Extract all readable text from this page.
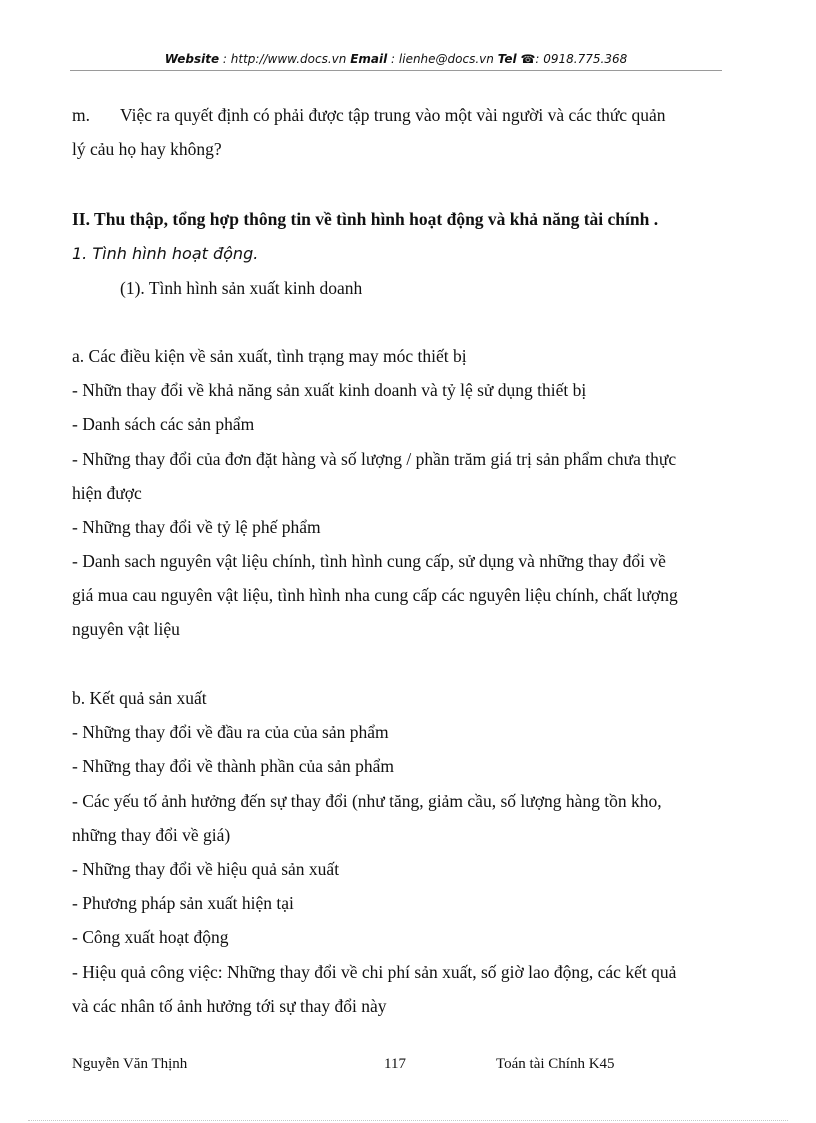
Website : http://www.docs.vn Email : lienhe@docs.vn Tel ☎: 0918.775.368
m. Việc ra quyết định có phải được tập trung vào một vài người và các thức quản
lý cảu họ hay không?
II. Thu thập, tổng hợp thông tin về tình hình hoạt động và khả năng tài chính .
1. Tình hình hoạt động.
(1). Tình hình sản xuất kinh doanh
a. Các điều kiện về sản xuất, tình trạng may móc thiết bị
- Nhữn thay đổi về khả năng sản xuất kinh doanh và tỷ lệ sử dụng thiết bị
- Danh sách các sản phẩm
- Những thay đổi của đơn đặt hàng và số lượng / phần trăm giá trị sản phẩm chưa thực
hiện được
- Những thay đổi về tỷ lệ phế phẩm
- Danh sach nguyên vật liệu chính, tình hình cung cấp, sử dụng và những thay đổi về
giá mua cau nguyên vật liệu, tình hình nha cung cấp các nguyên liệu chính, chất lượng
nguyên vật liệu
b. Kết quả sản xuất
- Những thay đổi về đầu ra của của sản phẩm
- Những thay đổi về thành phần của sản phẩm
- Các yếu tố ảnh hưởng đến sự thay đổi (như tăng, giảm cầu, số lượng hàng tồn kho,
những thay đổi về giá)
- Những thay đổi về hiệu quả sản xuất
- Phương pháp sản xuất hiện tại
- Công xuất hoạt động
- Hiệu quả công việc: Những thay đổi về chi phí sản xuất, số giờ lao động, các kết quả
và các nhân tố ảnh hưởng tới sự thay đổi này
Nguyễn Văn Thịnh	117	Toán tài Chính K45
